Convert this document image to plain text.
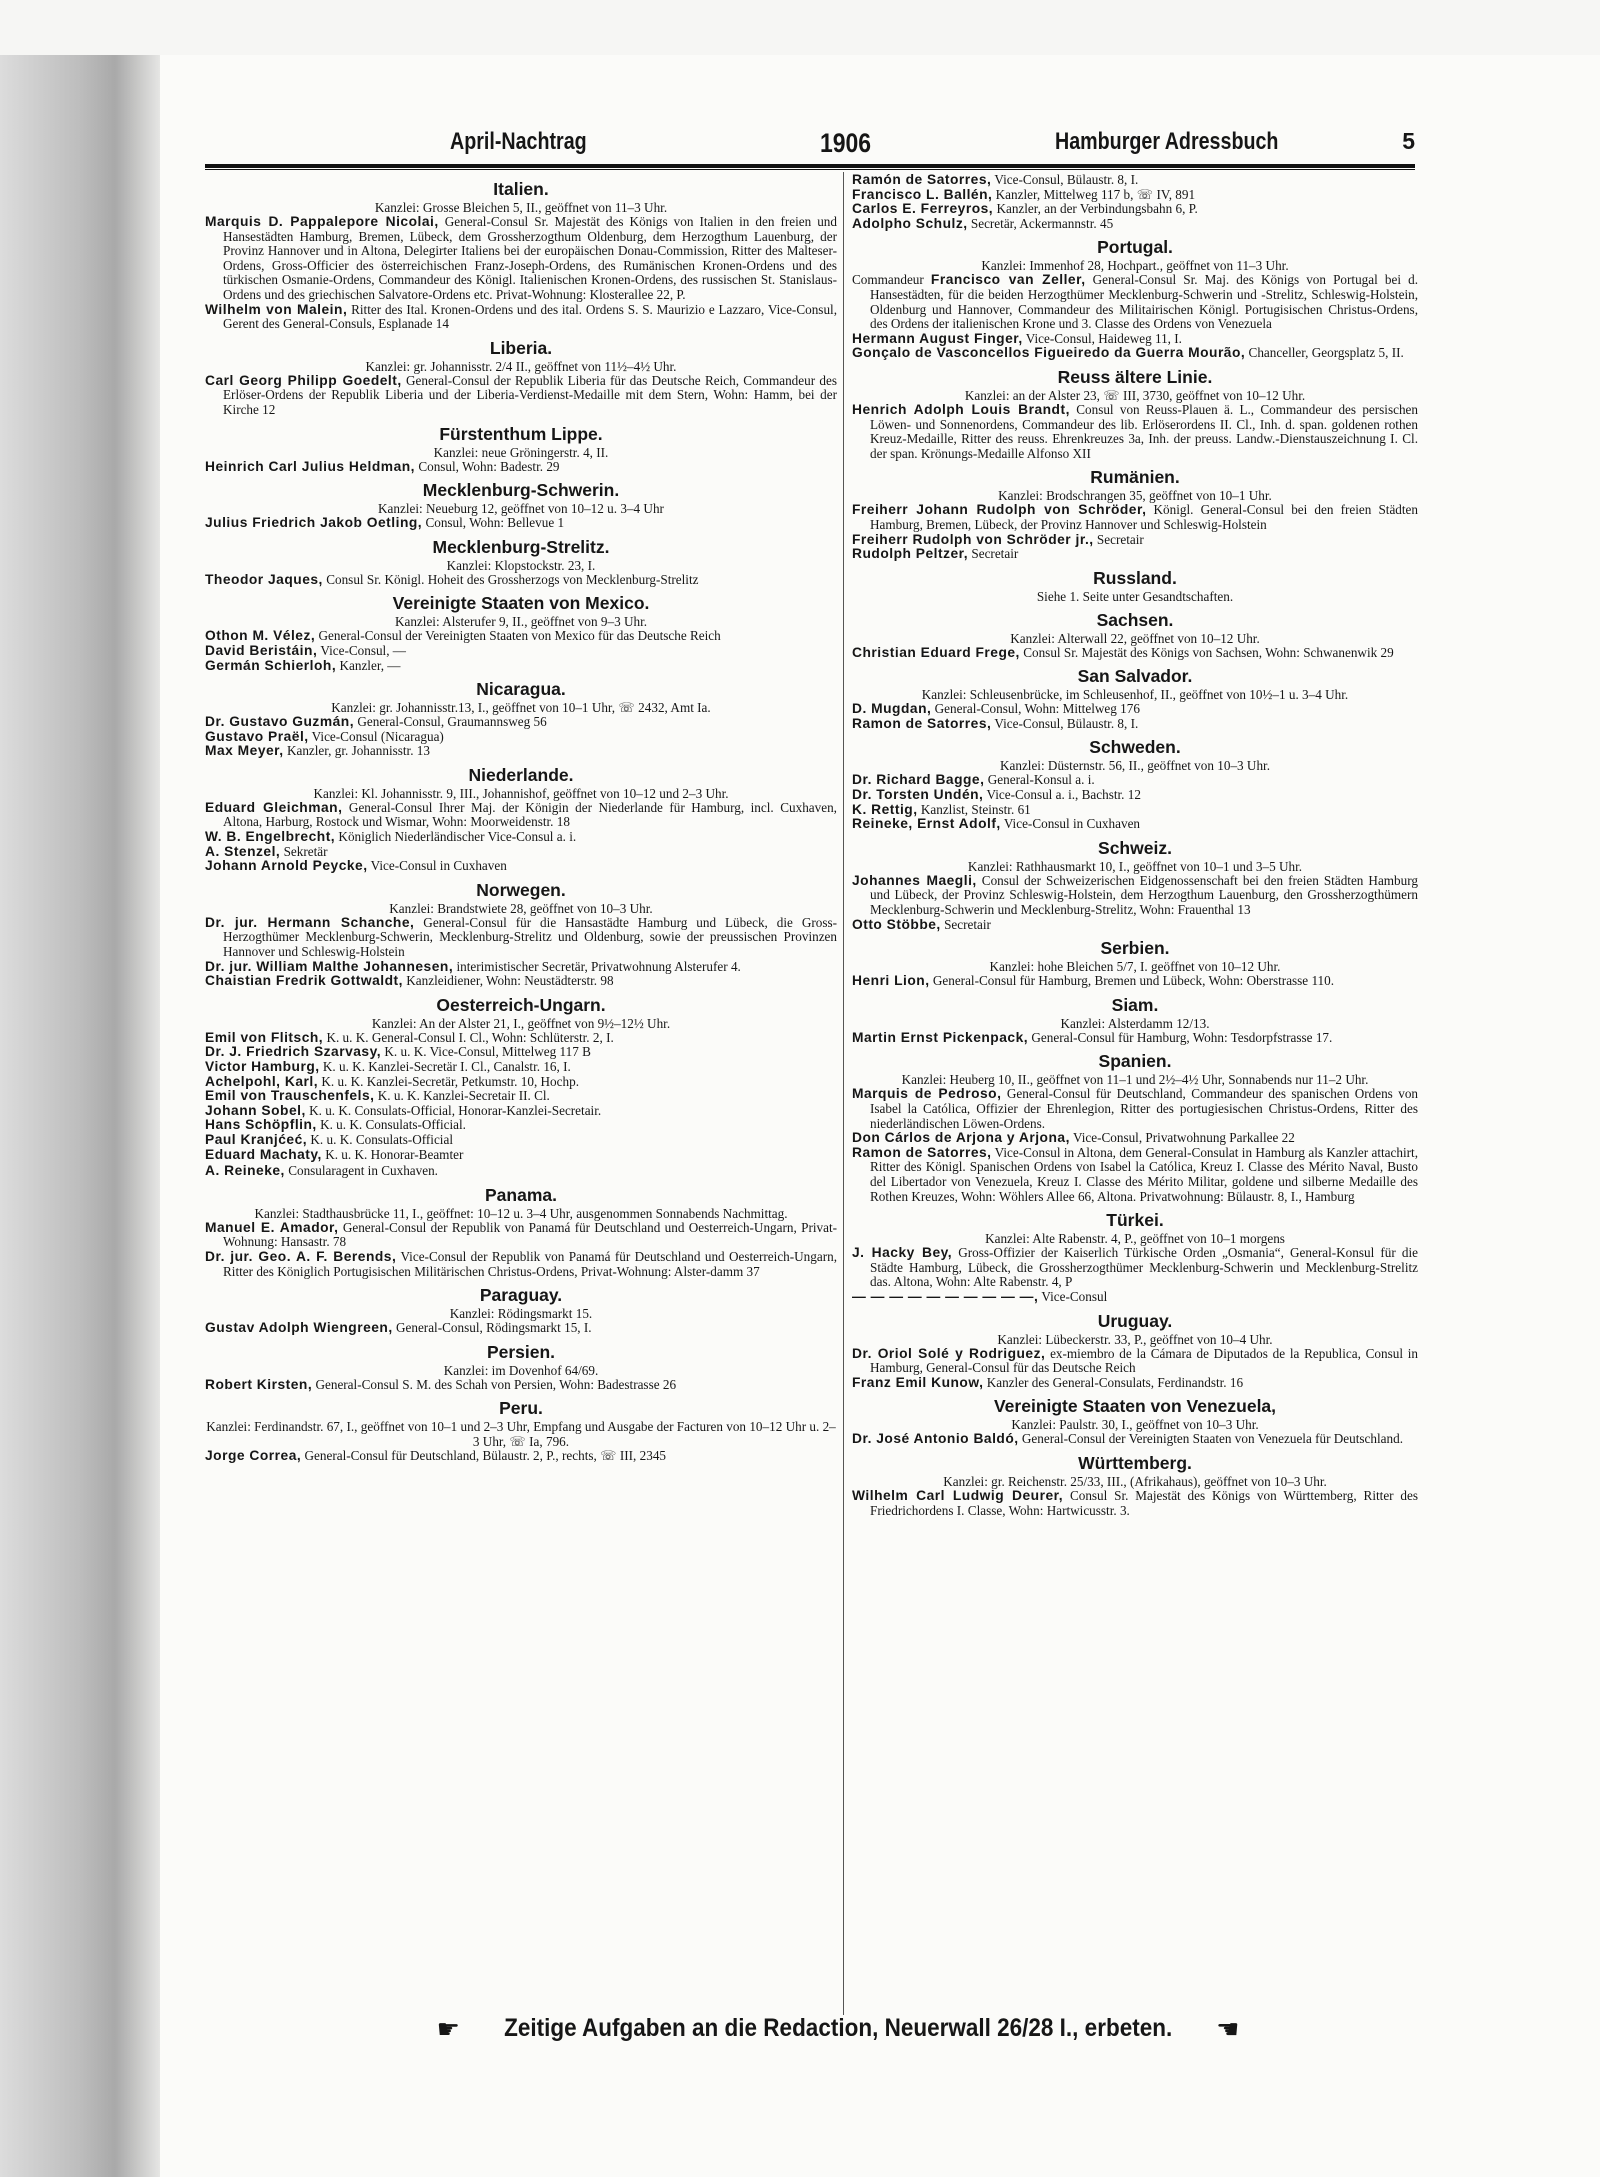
April-Nachtrag	1906	Hamburger Adressbuch	5
Italien.
Kanzlei: Grosse Bleichen 5, II., geöffnet von 11–3 Uhr.

Marquis D. Pappalepore Nicolai, General-Consul Sr. Majestät des Königs von Italien in den freien und Hansestädten Hamburg, Bremen, Lübeck, dem Grossherzogthum Oldenburg, dem Herzogthum Lauenburg, der Provinz Hannover und in Altona, Delegirter Italiens bei der europäischen Donau-Commission, Ritter des Malteser-Ordens, Gross-Officier des österreichischen Franz-Joseph-Ordens, des Rumänischen Kronen-Ordens und des türkischen Osmanie-Ordens, Commandeur des Königl. Italienischen Kronen-Ordens, des russischen St. Stanislaus-Ordens und des griechischen Salvatore-Ordens etc. Privat-Wohnung: Klosterallee 22, P.

Wilhelm von Malein, Ritter des Ital. Kronen-Ordens und des ital. Ordens S. S. Maurizio e Lazzaro, Vice-Consul, Gerent des General-Consuls, Esplanade 14

Liberia.
Kanzlei: gr. Johannisstr. 2/4 II., geöffnet von 11½–4½ Uhr.

Carl Georg Philipp Goedelt, General-Consul der Republik Liberia für das Deutsche Reich, Commandeur des Erlöser-Ordens der Republik Liberia und der Liberia-Verdienst-Medaille mit dem Stern, Wohn: Hamm, bei der Kirche 12

Fürstenthum Lippe.
Kanzlei: neue Gröningerstr. 4, II.

Heinrich Carl Julius Heldman, Consul, Wohn: Badestr. 29

Mecklenburg-Schwerin.
Kanzlei: Neueburg 12, geöffnet von 10–12 u. 3–4 Uhr

Julius Friedrich Jakob Oetling, Consul, Wohn: Bellevue 1

Mecklenburg-Strelitz.
Kanzlei: Klopstockstr. 23, I.

Theodor Jaques, Consul Sr. Königl. Hoheit des Grossherzogs von Mecklenburg-Strelitz

Vereinigte Staaten von Mexico.
Kanzlei: Alsterufer 9, II., geöffnet von 9–3 Uhr.

Othon M. Vélez, General-Consul der Vereinigten Staaten von Mexico für das Deutsche Reich

David Beristáin, Vice-Consul, —

Germán Schierloh, Kanzler, —

Nicaragua.
Kanzlei: gr. Johannisstr.13, I., geöffnet von 10–1 Uhr, ☏ 2432, Amt Ia.

Dr. Gustavo Guzmán, General-Consul, Graumannsweg 56

Gustavo Praël, Vice-Consul (Nicaragua)

Max Meyer, Kanzler, gr. Johannisstr. 13

Niederlande.
Kanzlei: Kl. Johannisstr. 9, III., Johannishof, geöffnet von 10–12 und 2–3 Uhr.

Eduard Gleichman, General-Consul Ihrer Maj. der Königin der Niederlande für Hamburg, incl. Cuxhaven, Altona, Harburg, Rostock und Wismar, Wohn: Moorweidenstr. 18

W. B. Engelbrecht, Königlich Niederländischer Vice-Consul a. i.

A. Stenzel, Sekretär

Johann Arnold Peycke, Vice-Consul in Cuxhaven

Norwegen.
Kanzlei: Brandstwiete 28, geöffnet von 10–3 Uhr.

Dr. jur. Hermann Schanche, General-Consul für die Hansastädte Hamburg und Lübeck, die Gross-Herzogthümer Mecklenburg-Schwerin, Mecklenburg-Strelitz und Oldenburg, sowie der preussischen Provinzen Hannover und Schleswig-Holstein

Dr. jur. William Malthe Johannesen, interimistischer Secretär, Privatwohnung Alsterufer 4.

Chaistian Fredrik Gottwaldt, Kanzleidiener, Wohn: Neustädterstr. 98

Oesterreich-Ungarn.
Kanzlei: An der Alster 21, I., geöffnet von 9½–12½ Uhr.

Emil von Flitsch, K. u. K. General-Consul I. Cl., Wohn: Schlüterstr. 2, I.

Dr. J. Friedrich Szarvasy, K. u. K. Vice-Consul, Mittelweg 117 B

Victor Hamburg, K. u. K. Kanzlei-Secretär I. Cl., Canalstr. 16, I.

Achelpohl, Karl, K. u. K. Kanzlei-Secretär, Petkumstr. 10, Hochp.

Emil von Trauschenfels, K. u. K. Kanzlei-Secretair II. Cl.

Johann Sobel, K. u. K. Consulats-Official, Honorar-Kanzlei-Secretair.

Hans Schöpflin, K. u. K. Consulats-Official.

Paul Kranjćeć, K. u. K. Consulats-Official

Eduard Machaty, K. u. K. Honorar-Beamter

A. Reineke, Consularagent in Cuxhaven.

Panama.
Kanzlei: Stadthausbrücke 11, I., geöffnet: 10–12 u. 3–4 Uhr, ausgenommen Sonnabends Nachmittag.

Manuel E. Amador, General-Consul der Republik von Panamá für Deutschland und Oesterreich-Ungarn, Privat-Wohnung: Hansastr. 78

Dr. jur. Geo. A. F. Berends, Vice-Consul der Republik von Panamá für Deutschland und Oesterreich-Ungarn, Ritter des Königlich Portugisischen Militärischen Christus-Ordens, Privat-Wohnung: Alster-damm 37

Paraguay.
Kanzlei: Rödingsmarkt 15.

Gustav Adolph Wiengreen, General-Consul, Rödingsmarkt 15, I.

Persien.
Kanzlei: im Dovenhof 64/69.

Robert Kirsten, General-Consul S. M. des Schah von Persien, Wohn: Badestrasse 26

Peru.
Kanzlei: Ferdinandstr. 67, I., geöffnet von 10–1 und 2–3 Uhr, Empfang und Ausgabe der Facturen von 10–12 Uhr u. 2–3 Uhr, ☏ Ia, 796.

Jorge Correa, General-Consul für Deutschland, Bülaustr. 2, P., rechts, ☏ III, 2345

Ramón de Satorres, Vice-Consul, Bülaustr. 8, I.

Francisco L. Ballén, Kanzler, Mittelweg 117 b, ☏ IV, 891

Carlos E. Ferreyros, Kanzler, an der Verbindungsbahn 6, P.

Adolpho Schulz, Secretär, Ackermannstr. 45

Portugal.
Kanzlei: Immenhof 28, Hochpart., geöffnet von 11–3 Uhr.

Commandeur Francisco van Zeller, General-Consul Sr. Maj. des Königs von Portugal bei d. Hansestädten, für die beiden Herzogthümer Mecklenburg-Schwerin und -Strelitz, Schleswig-Holstein, Oldenburg und Hannover, Commandeur des Militairischen Königl. Portugisischen Christus-Ordens, des Ordens der italienischen Krone und 3. Classe des Ordens von Venezuela

Hermann August Finger, Vice-Consul, Haideweg 11, I.

Gonçalo de Vasconcellos Figueiredo da Guerra Mourão, Chanceller, Georgsplatz 5, II.

Reuss ältere Linie.
Kanzlei: an der Alster 23, ☏ III, 3730, geöffnet von 10–12 Uhr.

Henrich Adolph Louis Brandt, Consul von Reuss-Plauen ä. L., Commandeur des persischen Löwen- und Sonnenordens, Commandeur des lib. Erlöserordens II. Cl., Inh. d. span. goldenen rothen Kreuz-Medaille, Ritter des reuss. Ehrenkreuzes 3a, Inh. der preuss. Landw.-Dienstauszeichnung I. Cl. der span. Krönungs-Medaille Alfonso XII

Rumänien.
Kanzlei: Brodschrangen 35, geöffnet von 10–1 Uhr.

Freiherr Johann Rudolph von Schröder, Königl. General-Consul bei den freien Städten Hamburg, Bremen, Lübeck, der Provinz Hannover und Schleswig-Holstein

Freiherr Rudolph von Schröder jr., Secretair

Rudolph Peltzer, Secretair

Russland.
Siehe 1. Seite unter Gesandtschaften.
Sachsen.
Kanzlei: Alterwall 22, geöffnet von 10–12 Uhr.

Christian Eduard Frege, Consul Sr. Majestät des Königs von Sachsen, Wohn: Schwanenwik 29

San Salvador.
Kanzlei: Schleusenbrücke, im Schleusenhof, II., geöffnet von 10½–1 u. 3–4 Uhr.

D. Mugdan, General-Consul, Wohn: Mittelweg 176

Ramon de Satorres, Vice-Consul, Bülaustr. 8, I.

Schweden.
Kanzlei: Düsternstr. 56, II., geöffnet von 10–3 Uhr.

Dr. Richard Bagge, General-Konsul a. i.

Dr. Torsten Undén, Vice-Consul a. i., Bachstr. 12

K. Rettig, Kanzlist, Steinstr. 61

Reineke, Ernst Adolf, Vice-Consul in Cuxhaven

Schweiz.
Kanzlei: Rathhausmarkt 10, I., geöffnet von 10–1 und 3–5 Uhr.

Johannes Maegli, Consul der Schweizerischen Eidgenossenschaft bei den freien Städten Hamburg und Lübeck, der Provinz Schleswig-Holstein, dem Herzogthum Lauenburg, den Grossherzogthümern Mecklenburg-Schwerin und Mecklenburg-Strelitz, Wohn: Frauenthal 13

Otto Stöbbe, Secretair

Serbien.
Kanzlei: hohe Bleichen 5/7, I. geöffnet von 10–12 Uhr.

Henri Lion, General-Consul für Hamburg, Bremen und Lübeck, Wohn: Oberstrasse 110.

Siam.
Kanzlei: Alsterdamm 12/13.

Martin Ernst Pickenpack, General-Consul für Hamburg, Wohn: Tesdorpfstrasse 17.

Spanien.
Kanzlei: Heuberg 10, II., geöffnet von 11–1 und 2½–4½ Uhr, Sonnabends nur 11–2 Uhr.

Marquis de Pedroso, General-Consul für Deutschland, Commandeur des spanischen Ordens von Isabel la Católica, Offizier der Ehrenlegion, Ritter des portugiesischen Christus-Ordens, Ritter des niederländischen Löwen-Ordens.

Don Cárlos de Arjona y Arjona, Vice-Consul, Privatwohnung Parkallee 22

Ramon de Satorres, Vice-Consul in Altona, dem General-Consulat in Hamburg als Kanzler attachirt, Ritter des Königl. Spanischen Ordens von Isabel la Católica, Kreuz I. Classe des Mérito Naval, Busto del Libertador von Venezuela, Kreuz I. Classe des Mérito Militar, goldene und silberne Medaille des Rothen Kreuzes, Wohn: Wöhlers Allee 66, Altona. Privatwohnung: Bülaustr. 8, I., Hamburg

Türkei.
Kanzlei: Alte Rabenstr. 4, P., geöffnet von 10–1 morgens

J. Hacky Bey, Gross-Offizier der Kaiserlich Türkische Orden „Osmania“, General-Konsul für die Städte Hamburg, Lübeck, die Grossherzogthümer Mecklenburg-Schwerin und Mecklenburg-Strelitz das. Altona, Wohn: Alte Rabenstr. 4, P

— — — — — — — — — —, Vice-Consul

Uruguay.
Kanzlei: Lübeckerstr. 33, P., geöffnet von 10–4 Uhr.

Dr. Oriol Solé y Rodriguez, ex-miembro de la Cámara de Diputados de la Republica, Consul in Hamburg, General-Consul für das Deutsche Reich

Franz Emil Kunow, Kanzler des General-Consulats, Ferdinandstr. 16

Vereinigte Staaten von Venezuela,
Kanzlei: Paulstr. 30, I., geöffnet von 10–3 Uhr.

Dr. José Antonio Baldó, General-Consul der Vereinigten Staaten von Venezuela für Deutschland.

Württemberg.
Kanzlei: gr. Reichenstr. 25/33, III., (Afrikahaus), geöffnet von 10–3 Uhr.

Wilhelm Carl Ludwig Deurer, Consul Sr. Majestät des Königs von Württemberg, Ritter des Friedrichordens I. Classe, Wohn: Hartwicusstr. 3.

☛ Zeitige Aufgaben an die Redaction, Neuerwall 26/28 I., erbeten. ☚
